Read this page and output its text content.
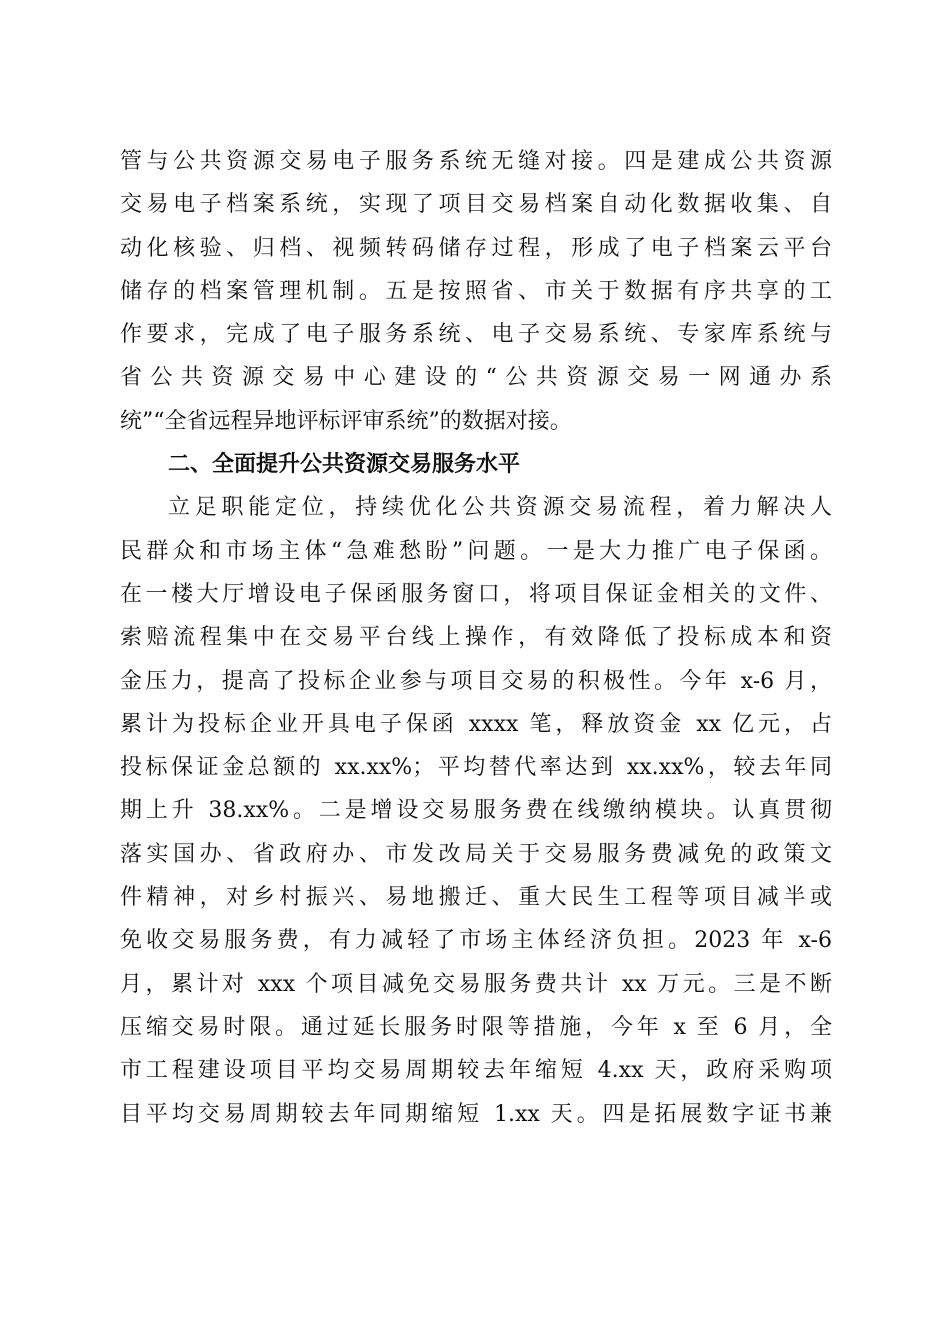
管与公共资源交易电子服务系统无缝对接。四是建成公共资源
交易电子档案系统，实现了项目交易档案自动化数据收集、自
动化核验、归档、视频转码储存过程，形成了电子档案云平台
储存的档案管理机制。五是按照省、市关于数据有序共享的工
作要求，完成了电子服务系统、电子交易系统、专家库系统与
省公共资源交易中心建设的“公共资源交易一网通办系
统”“全省远程异地评标评审系统”的数据对接。
二、全面提升公共资源交易服务水平
立足职能定位，持续优化公共资源交易流程，着力解决人
民群众和市场主体“急难愁盼”问题。一是大力推广电子保函。
在一楼大厅增设电子保函服务窗口，将项目保证金相关的文件、
索赔流程集中在交易平台线上操作，有效降低了投标成本和资
金压力，提高了投标企业参与项目交易的积极性。今年 x-6 月，
累计为投标企业开具电子保函 xxxx 笔，释放资金 xx 亿元，占
投标保证金总额的 xx.xx%；平均替代率达到 xx.xx%，较去年同
期上升 38.xx%。二是增设交易服务费在线缴纳模块。认真贯彻
落实国办、省政府办、市发改局关于交易服务费减免的政策文
件精神，对乡村振兴、易地搬迁、重大民生工程等项目减半或
免收交易服务费，有力减轻了市场主体经济负担。2023 年 x-6
月，累计对 xxx 个项目减免交易服务费共计 xx 万元。三是不断
压缩交易时限。通过延长服务时限等措施，今年 x 至 6 月，全
市工程建设项目平均交易周期较去年缩短 4.xx 天，政府采购项
目平均交易周期较去年同期缩短 1.xx 天。四是拓展数字证书兼
